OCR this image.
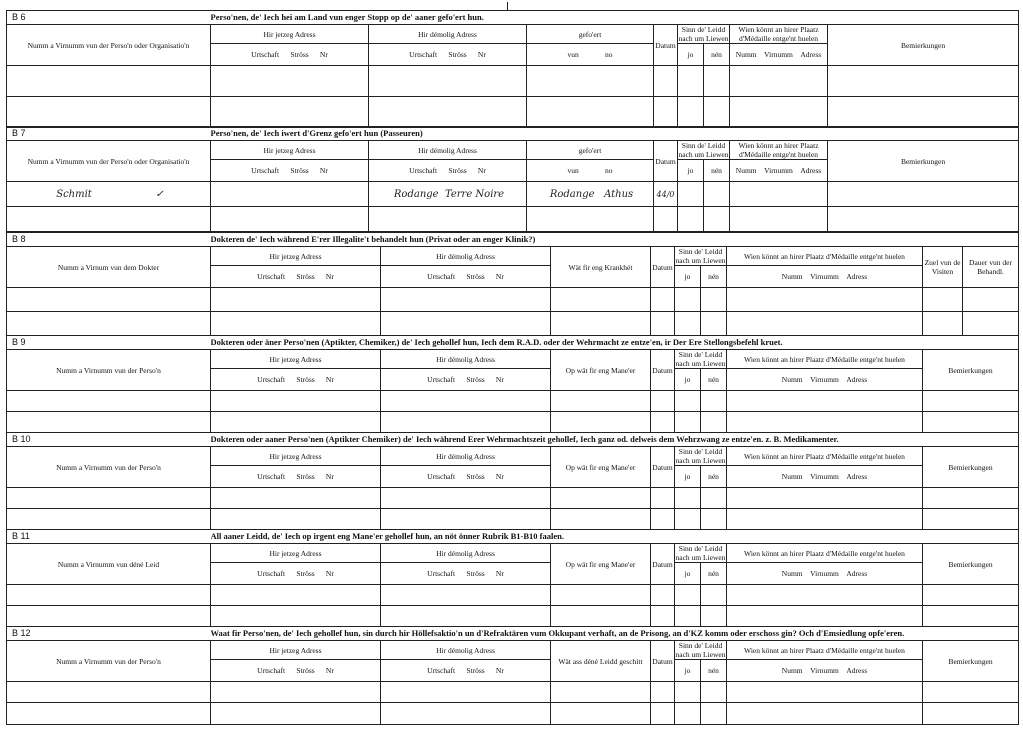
B 6	Perso'nen, de' Iech hei am Land vun enger Stopp op de' aaner gefo'ert hun.							
Numm a Virnumm vun der Perso'n oder Organisatio'n	Hir jetzeg Adress	Hir démolig Adress	gefo'ert	Datum	Sinn de' Leidd nach um Liewen		Wien könnt an hirer Plaatz d'Médaille entge'nt huelen	Bemierkungen
	Urtschaft Ströss Nr	Urtschaft Ströss Nr	vun no		jo	nén	Numm Virnumm Adress	

B 7	Perso'nen, de' Iech iwert d'Grenz gefo'ert hun (Passeuren)							
Numm a Virnumm vun der Perso'n oder Organisatio'n	Hir jetzeg Adress	Hir démolig Adress	gefo'ert	Datum	Sinn de' Leidd nach um Liewen		Wien könnt an hirer Plaatz d'Médaille entge'nt huelen	Bemierkungen
	Urtschaft Ströss Nr	Urtschaft Ströss Nr	vun no		jo	nén	Numm Virnumm Adress	
Schmit ✓		Rodange Terre Noire	Rodange Athus	44/0				

B 8	Dokteren de' Iech während E'rer Illegalite't behandelt hun (Privat oder an enger Klinik?)								
Numm a Virnum vun dem Dokter	Hir jetzeg Adress	Hir démolig Adress	Wät fir eng Krankhét	Datum	Sinn de' Leidd nach um Liewen		Wien könnt an hirer Plaatz d'Médaille entge'nt huelen	Zuel vun de Visiten	Dauer vun der Behandl.
	Urtschaft Ströss Nr	Urtschaft Ströss Nr			jo	nén	Numm Virnumm Adress		

B 9	Dokteren oder äner Perso'nen (Aptikter, Chemiker,) de' Iech gehollef hun, Iech dem R.A.D. oder der Wehrmacht ze entze'en, ir Der Ere Stellongsbefehl kruet.							
Numm a Virnumm vun der Perso'n	Hir jetzeg Adress	Hir démolig Adress	Op wät fir eng Mane'er	Datum	Sinn de' Leidd nach um Liewen		Wien könnt an hirer Plaatz d'Médaille entge'nt huelen	Bemierkungen
	Urtschaft Ströss Nr	Urtschaft Ströss Nr			jo	nén	Numm Virnumm Adress	

B 10	Dokteren oder aaner Perso'nen (Aptikter Chemiker) de' Iech während Erer Wehrmachtszeit gehollef, Iech ganz od. delweis dem Wehrzwang ze entze'en. z. B. Medikamenter.							
Numm a Virnumm vun der Perso'n	Hir jetzeg Adress	Hir démolig Adress	Op wät fir eng Mane'er	Datum	Sinn de' Leidd nach um Liewen		Wien könnt an hirer Plaatz d'Médaille entge'nt huelen	Bemierkungen
	Urtschaft Ströss Nr	Urtschaft Ströss Nr			jo	nén	Numm Virnumm Adress	

B 11	All aaner Leidd, de' Iech op irgent eng Mane'er gehollef hun, an nöt önner Rubrik B1-B10 faalen.							
Numm a Virnumm vun déné Leid	Hir jetzeg Adress	Hir démolig Adress	Op wät fir eng Mane'er	Datum	Sinn de' Leidd nach um Liewen		Wien könnt an hirer Plaatz d'Médaille entge'nt huelen	Bemierkungen
	Urtschaft Ströss Nr	Urtschaft Ströss Nr			jo	nén	Numm Virnumm Adress	

B 12	Waat fir Perso'nen, de' Iech gehollef hun, sin durch hir Höllefsaktio'n un d'Refraktären vum Okkupant verhaft, an de Prisong, an d'KZ komm oder erschoss gin? Och d'Emsiedlung opfe'eren.							
Numm a Virnumm vun der Perso'n	Hir jetzeg Adress	Hir démolig Adress	Wät ass déné Leidd geschitt	Datum	Sinn de' Leidd nach um Liewen		Wien könnt an hirer Plaatz d'Médaille entge'nt huelen	Bemierkungen
	Urtschaft Ströss Nr	Urtschaft Ströss Nr			jo	nén	Numm Virnumm Adress	
